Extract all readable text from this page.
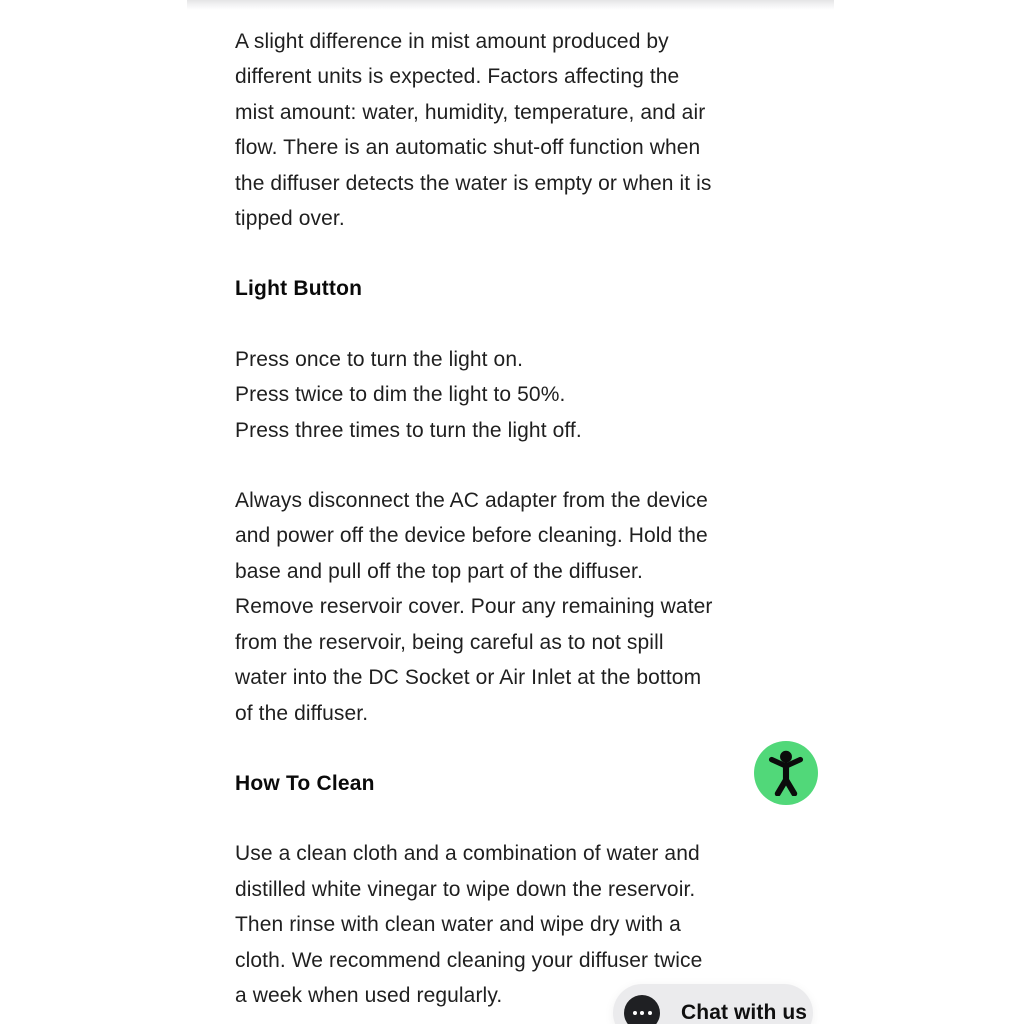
A slight difference in mist amount produced by
different units is expected. Factors affecting the
mist amount: water, humidity, temperature, and air
flow. There is an automatic shut-off function when
the diffuser detects the water is empty or when it is
tipped over.
Light Button
Press once to turn the light on.
Press twice to dim the light to 50%.
Press three times to turn the light off.
Always disconnect the AC adapter from the device
and power off the device before cleaning. Hold the
base and pull off the top part of the diffuser.
Remove reservoir cover. Pour any remaining water
from the reservoir, being careful as to not spill
water into the DC Socket or Air Inlet at the bottom
of the diffuser.
How To Clean
Use a clean cloth and a combination of water and
distilled white vinegar to wipe down the reservoir.
Then rinse with clean water and wipe dry with a
cloth. We recommend cleaning your diffuser twice
a week when used regularly.
Chat with us
